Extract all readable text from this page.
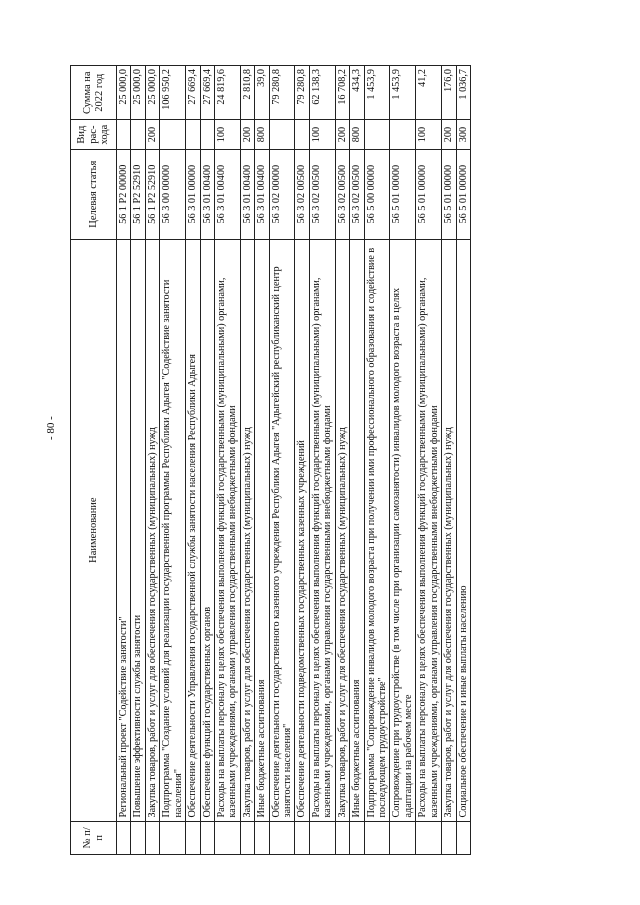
- 80 -
№ п/п	Наименование	Целевая статья	Вид рас-хода	Сумма на 2022 год
	Региональный проект "Содействие занятости"	56 1 Р2 00000		25 000,0
	Повышение эффективности службы занятости	56 1 Р2 52910		25 000,0
	Закупка товаров, работ и услуг для обеспечения государственных (муниципальных) нужд	56 1 Р2 52910	200	25 000,0
	Подпрограмма "Создание условий для реализации государственной программы Республики Адыгея "Содействие занятости населения"	56 3 00 00000		106 950,2
	Обеспечение деятельности Управления государственной службы занятости населения Республики Адыгея	56 3 01 00000		27 669,4
	Обеспечение функций государственных органов	56 3 01 00400		27 669,4
	Расходы на выплаты персоналу в целях обеспечения выполнения функций государственными (муниципальными) органами, казенными учреждениями, органами управления государственными внебюджетными фондами	56 3 01 00400	100	24 819,6
	Закупка товаров, работ и услуг для обеспечения государственных (муниципальных) нужд	56 3 01 00400	200	2 810,8
	Иные бюджетные ассигнования	56 3 01 00400	800	39,0
	Обеспечение деятельности государственного казенного учреждения Республики Адыгея "Адыгейский республиканский центр занятости населения"	56 3 02 00000		79 280,8
	Обеспечение деятельности подведомственных государственных казенных учреждений	56 3 02 00500		79 280,8
	Расходы на выплаты персоналу в целях обеспечения выполнения функций государственными (муниципальными) органами, казенными учреждениями, органами управления государственными внебюджетными фондами	56 3 02 00500	100	62 138,3
	Закупка товаров, работ и услуг для обеспечения государственных (муниципальных) нужд	56 3 02 00500	200	16 708,2
	Иные бюджетные ассигнования	56 3 02 00500	800	434,3
	Подпрограмма "Сопровождение инвалидов молодого возраста при получении ими профессионального образования и содействие в последующем трудоустройстве"	56 5 00 00000		1 453,9
	Сопровождение при трудоустройстве (в том числе при организации самозанятости) инвалидов молодого возраста в целях адаптации на рабочем месте	56 5 01 00000		1 453,9
	Расходы на выплаты персоналу в целях обеспечения выполнения функций государственными (муниципальными) органами, казенными учреждениями, органами управления государственными внебюджетными фондами	56 5 01 00000	100	41,2
	Закупка товаров, работ и услуг для обеспечения государственных (муниципальных) нужд	56 5 01 00000	200	176,0
	Социальное обеспечение и иные выплаты населению	56 5 01 00000	300	1 036,7
